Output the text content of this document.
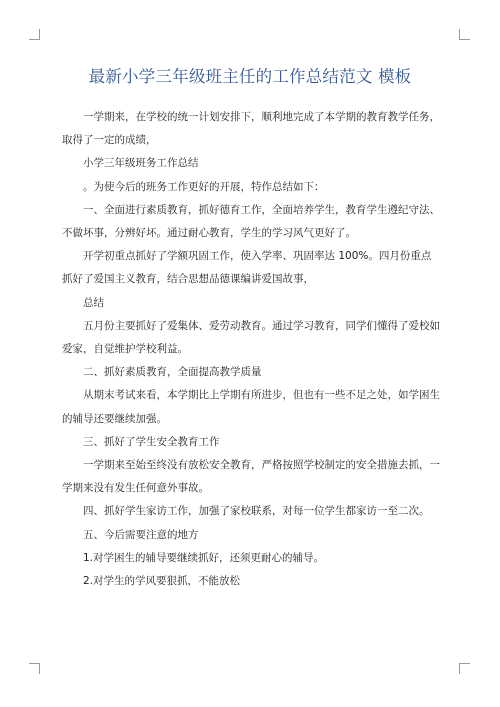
最新小学三年级班主任的工作总结范文 模板

一学期来，在学校的统一计划安排下，顺利地完成了本学期的教育教学任务，取得了一定的成绩，

小学三年级班务工作总结

。为使今后的班务工作更好的开展，特作总结如下：

一、全面进行素质教育，抓好德育工作，全面培养学生，教育学生遵纪守法、不做坏事，分辨好坏。通过耐心教育，学生的学习风气更好了。

开学初重点抓好了学额巩固工作，使入学率、巩固率达 100%。四月份重点抓好了爱国主义教育，结合思想品德课编讲爱国故事，

总结

五月份主要抓好了爱集体、爱劳动教育。通过学习教育，同学们懂得了爱校如爱家，自觉维护学校利益。

二、抓好素质教育，全面提高教学质量

从期末考试来看，本学期比上学期有所进步，但也有一些不足之处，如学困生的辅导还要继续加强。

三、抓好了学生安全教育工作

一学期来至始至终没有放松安全教育，严格按照学校制定的安全措施去抓，一学期来没有发生任何意外事故。

四、抓好学生家访工作，加强了家校联系，对每一位学生都家访一至二次。

五、今后需要注意的地方

1.对学困生的辅导要继续抓好，还须更耐心的辅导。

2.对学生的学风要狠抓，不能放松
